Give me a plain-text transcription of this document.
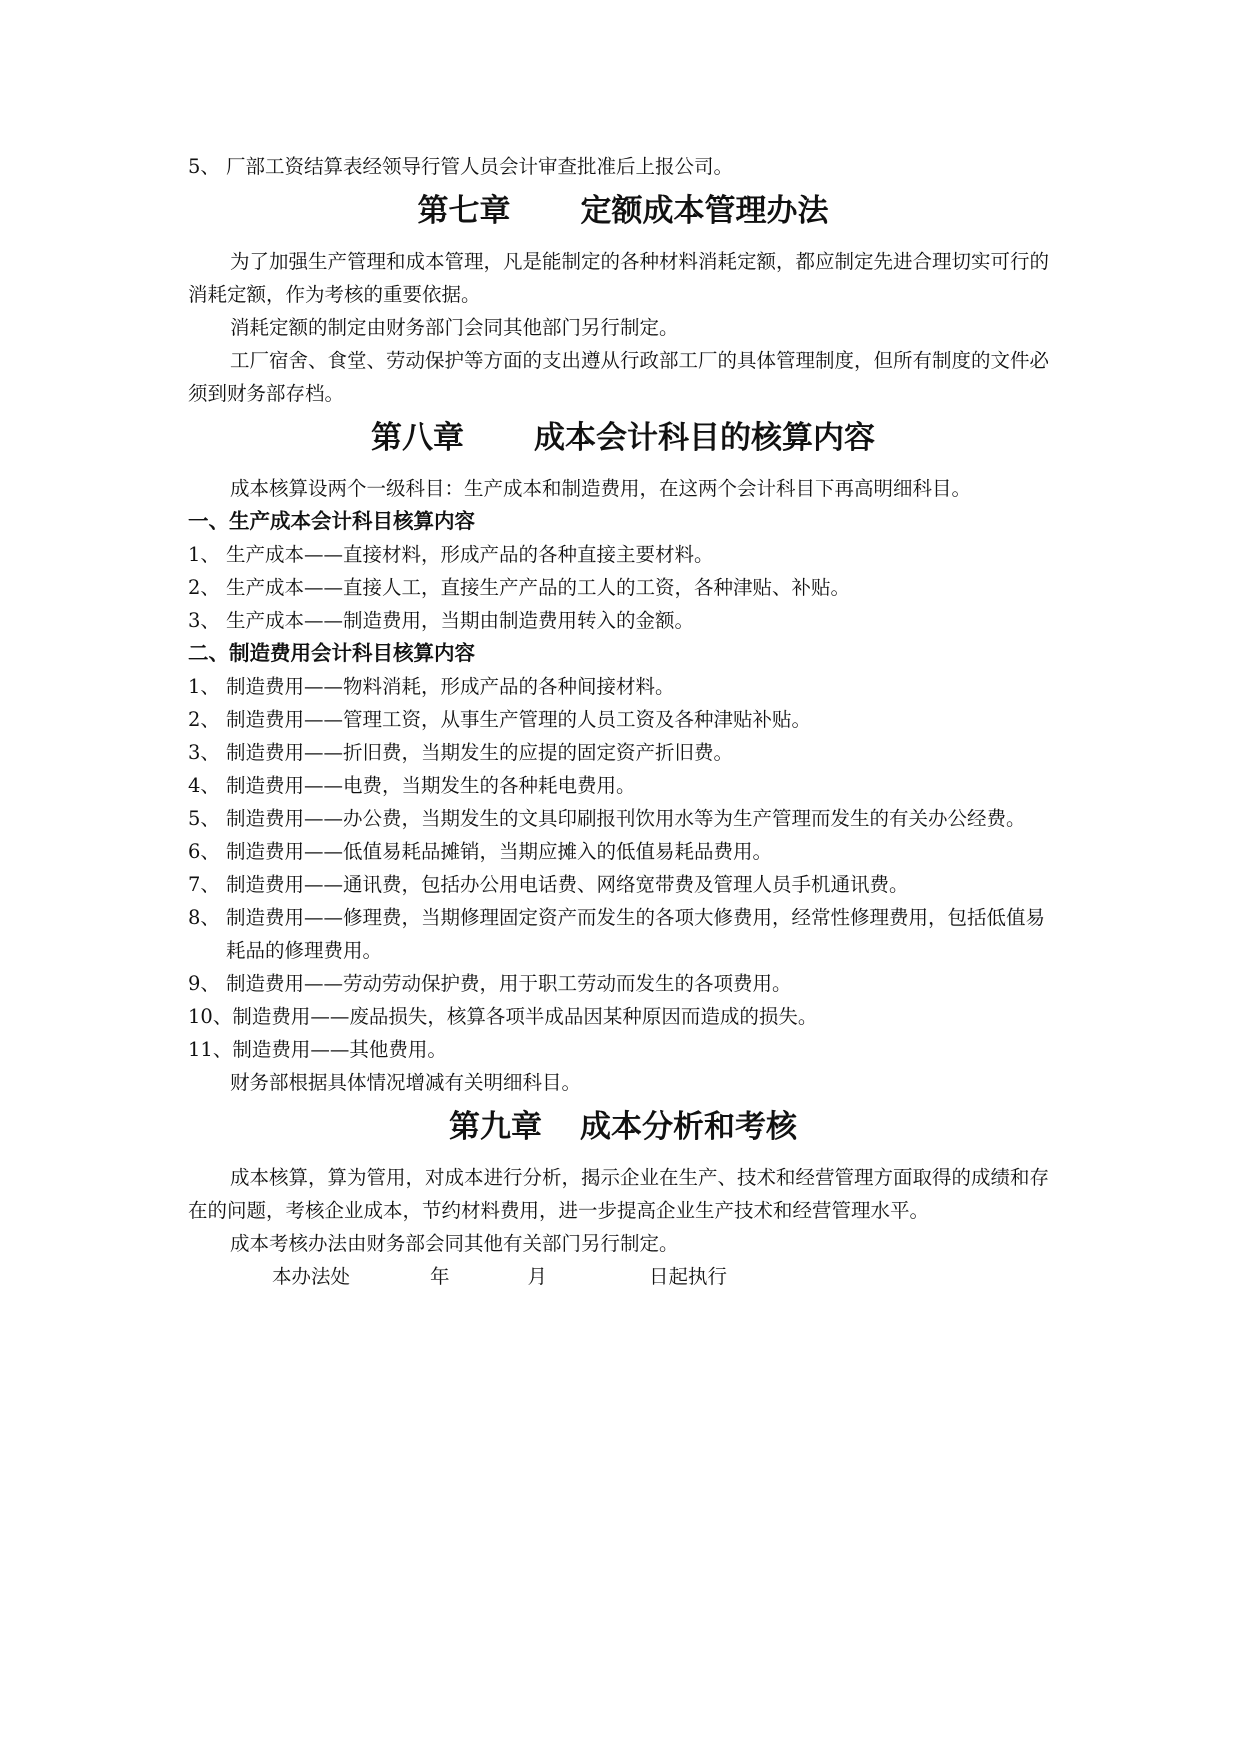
5、 厂部工资结算表经领导行管人员会计审查批准后上报公司。
第七章 定额成本管理办法

为了加强生产管理和成本管理，凡是能制定的各种材料消耗定额，都应制定先进合理切实可行的消耗定额，作为考核的重要依据。

消耗定额的制定由财务部门会同其他部门另行制定。

工厂宿舍、食堂、劳动保护等方面的支出遵从行政部工厂的具体管理制度，但所有制度的文件必须到财务部存档。

第八章 成本会计科目的核算内容

成本核算设两个一级科目：生产成本和制造费用，在这两个会计科目下再高明细科目。

一、生产成本会计科目核算内容
1、 生产成本——直接材料，形成产品的各种直接主要材料。
2、 生产成本——直接人工，直接生产产品的工人的工资，各种津贴、补贴。
3、 生产成本——制造费用，当期由制造费用转入的金额。
二、制造费用会计科目核算内容
1、 制造费用——物料消耗，形成产品的各种间接材料。
2、 制造费用——管理工资，从事生产管理的人员工资及各种津贴补贴。
3、 制造费用——折旧费，当期发生的应提的固定资产折旧费。
4、 制造费用——电费，当期发生的各种耗电费用。
5、 制造费用——办公费，当期发生的文具印刷报刊饮用水等为生产管理而发生的有关办公经费。
6、 制造费用——低值易耗品摊销，当期应摊入的低值易耗品费用。
7、 制造费用——通讯费，包括办公用电话费、网络宽带费及管理人员手机通讯费。
8、 制造费用——修理费，当期修理固定资产而发生的各项大修费用，经常性修理费用，包括低值易耗品的修理费用。
9、 制造费用——劳动劳动保护费，用于职工劳动而发生的各项费用。
10、 制造费用——废品损失，核算各项半成品因某种原因而造成的损失。
11、 制造费用——其他费用。

财务部根据具体情况增减有关明细科目。

第九章 成本分析和考核

成本核算，算为管用，对成本进行分析，揭示企业在生产、技术和经营管理方面取得的成绩和存在的问题，考核企业成本，节约材料费用，进一步提高企业生产技术和经营管理水平。

成本考核办法由财务部会同其他有关部门另行制定。

本办法处	年	月	日起执行
